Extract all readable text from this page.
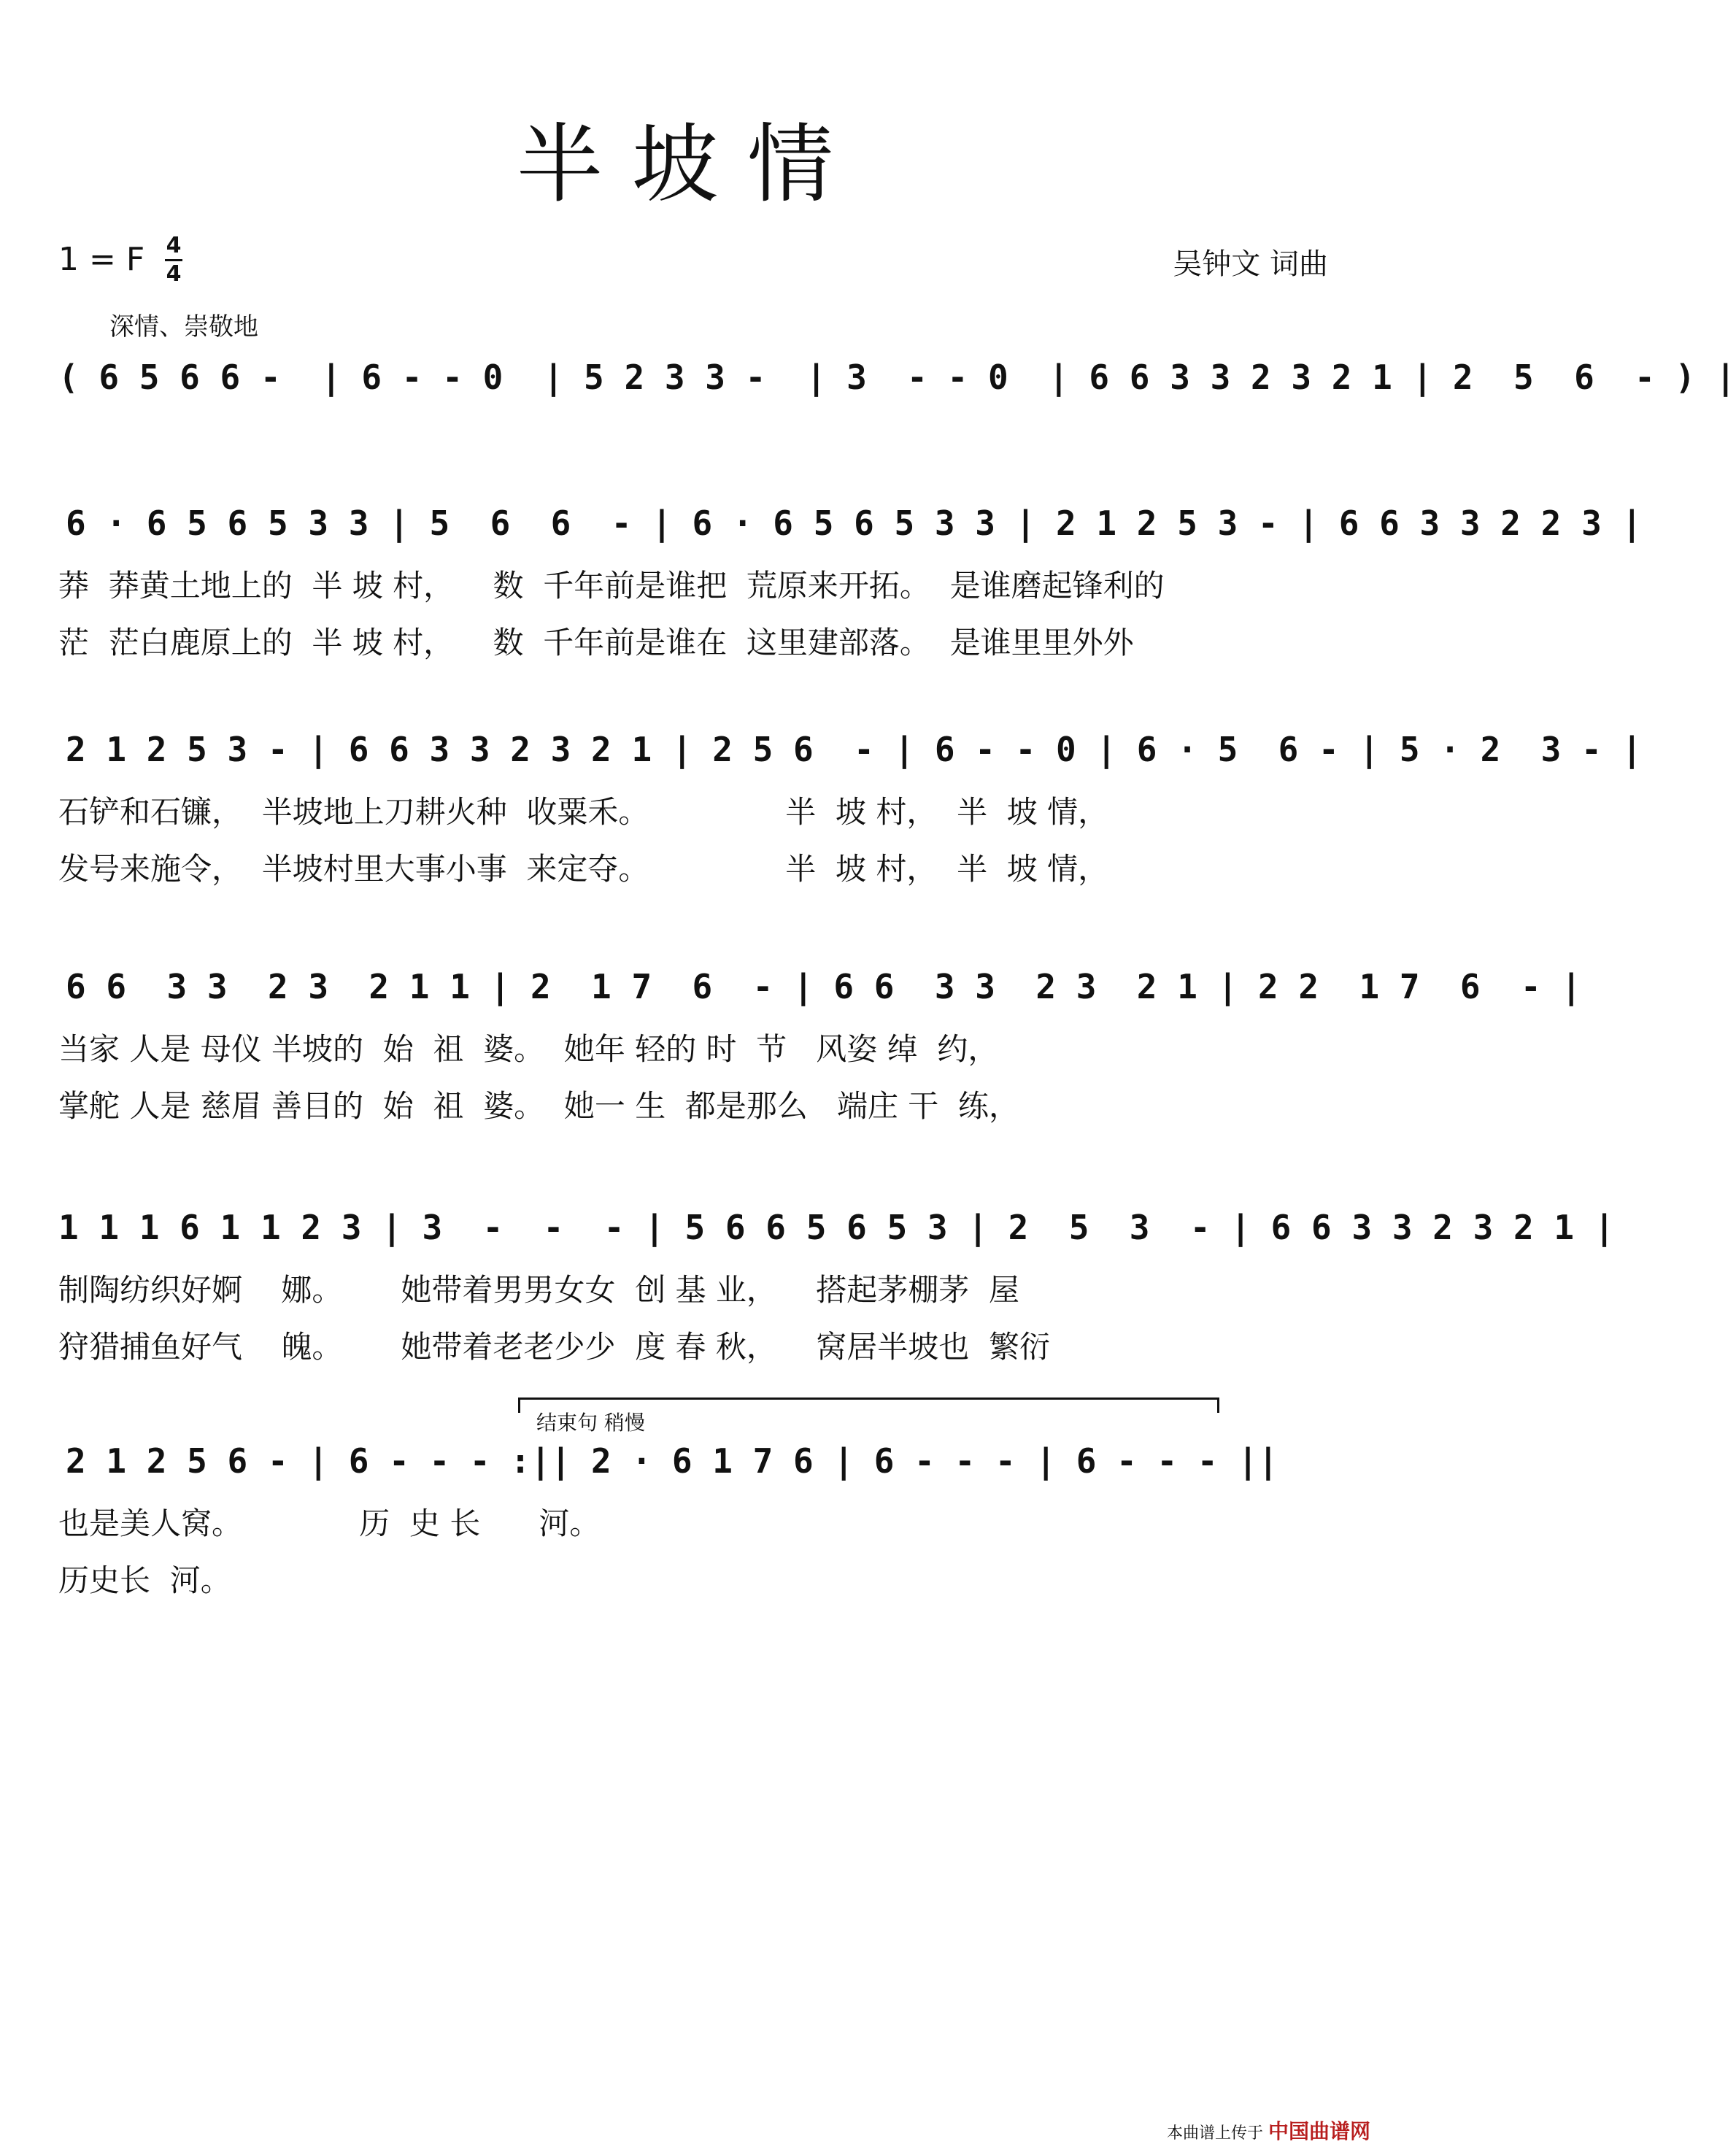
半坡情
1 = F 4
4	吴钟文 词曲
深情、崇敬地
( 6 5 6 6 -  | 6 - - 0  | 5 2 3 3 -  | 3  - - 0  | 6 6 3 3 2 3 2 1 | 2  5  6  - ) |
6 · 6 5 6 5 3 3 | 5  6  6  - | 6 · 6 5 6 5 3 3 | 2 1 2 5 3 - | 6 6 3 3 2 2 3 |
莽  莽黄土地上的  半 坡 村，    数  千年前是谁把  荒原来开拓。  是谁磨起锋利的
茫  茫白鹿原上的  半 坡 村，    数  千年前是谁在  这里建部落。  是谁里里外外
2 1 2 5 3 - | 6 6 3 3 2 3 2 1 | 2 5 6  - | 6 - - 0 | 6 · 5  6 - | 5 · 2  3 - |
石铲和石镰，  半坡地上刀耕火种  收粟禾。              半  坡 村，  半  坡 情，
发号来施令，  半坡村里大事小事  来定夺。              半  坡 村，  半  坡 情，
6 6  3 3  2 3  2 1 1 | 2  1 7  6  - | 6 6  3 3  2 3  2 1 | 2 2  1 7  6  - |
当家 人是 母仪 半坡的  始  祖  婆。  她年 轻的 时  节   风姿 绰  约，
掌舵 人是 慈眉 善目的  始  祖  婆。  她一 生  都是那么   端庄 干  练，
1 1 1 6 1 1 2 3 | 3  -  -  - | 5 6 6 5 6 5 3 | 2  5  3  - | 6 6 3 3 2 3 2 1 |
制陶纺织好婀    娜。      她带着男男女女  创 基 业，    搭起茅棚茅  屋
狩猎捕鱼好气    魄。      她带着老老少少  度 春 秋，    窝居半坡也  繁衍
结束句 稍慢
2 1 2 5 6 - | 6 - - - :|| 2 · 6 1 7 6 | 6 - - - | 6 - - - ||
也是美人窝。            历  史 长      河。
历史长  河。
本曲谱上传于 中国曲谱网
